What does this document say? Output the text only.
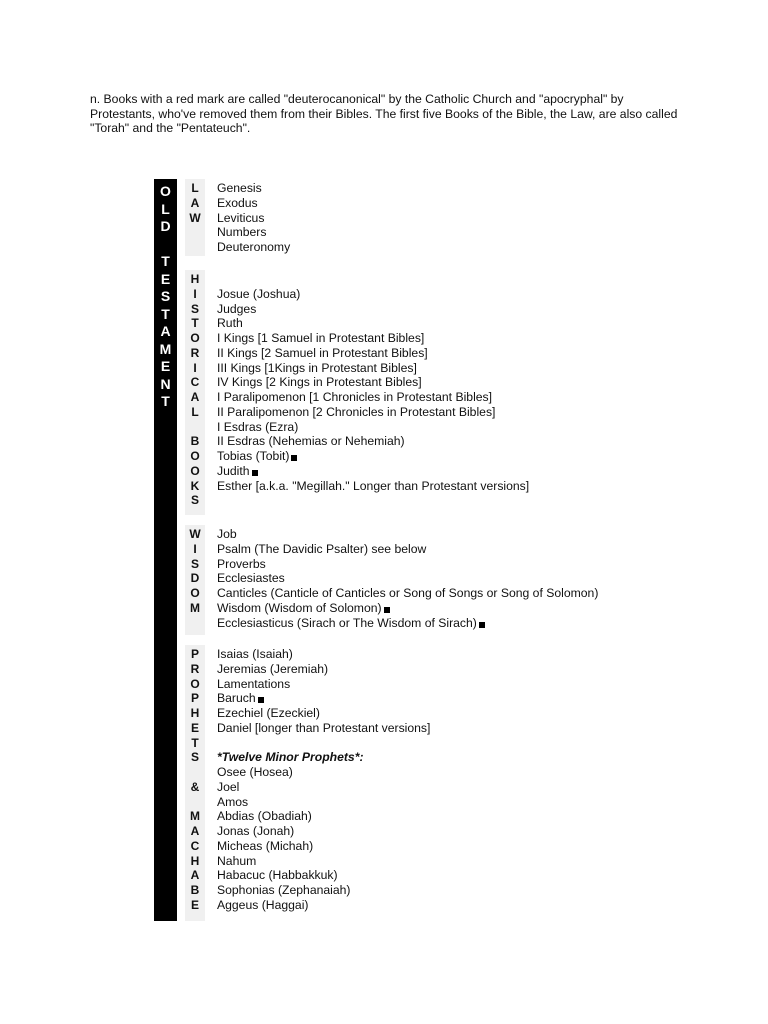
n. Books with a red mark are called "deuterocanonical" by the Catholic Church and "apocryphal" by Protestants, who've removed them from their Bibles. The first five Books of the Bible, the Law, are also called "Torah" and the "Pentateuch".

O
L
D
T
E
S
T
A
M
E
N
T
L
A
W
Genesis
Exodus
Leviticus
Numbers
Deuteronomy
H
I
S
T
O
R
I
C
A
L
B
O
O
K
S
Josue (Joshua)
Judges
Ruth
I Kings [1 Samuel in Protestant Bibles]
II Kings [2 Samuel in Protestant Bibles]
III Kings [1Kings in Protestant Bibles]
IV Kings [2 Kings in Protestant Bibles]
I Paralipomenon [1 Chronicles in Protestant Bibles]
II Paralipomenon [2 Chronicles in Protestant Bibles]
I Esdras (Ezra)
II Esdras (Nehemias or Nehemiah)
Tobias (Tobit)
Judith
Esther [a.k.a. "Megillah." Longer than Protestant versions]
W
I
S
D
O
M
Job
Psalm (The Davidic Psalter) see below
Proverbs
Ecclesiastes
Canticles (Canticle of Canticles or Song of Songs or Song of Solomon)
Wisdom (Wisdom of Solomon)
Ecclesiasticus (Sirach or The Wisdom of Sirach)
P
R
O
P
H
E
T
S
&
M
A
C
H
A
B
E
Isaias (Isaiah)
Jeremias (Jeremiah)
Lamentations
Baruch
Ezechiel (Ezeckiel)
Daniel [longer than Protestant versions]
*Twelve Minor Prophets*:
Osee (Hosea)
Joel
Amos
Abdias (Obadiah)
Jonas (Jonah)
Micheas (Michah)
Nahum
Habacuc (Habbakkuk)
Sophonias (Zephanaiah)
Aggeus (Haggai)
